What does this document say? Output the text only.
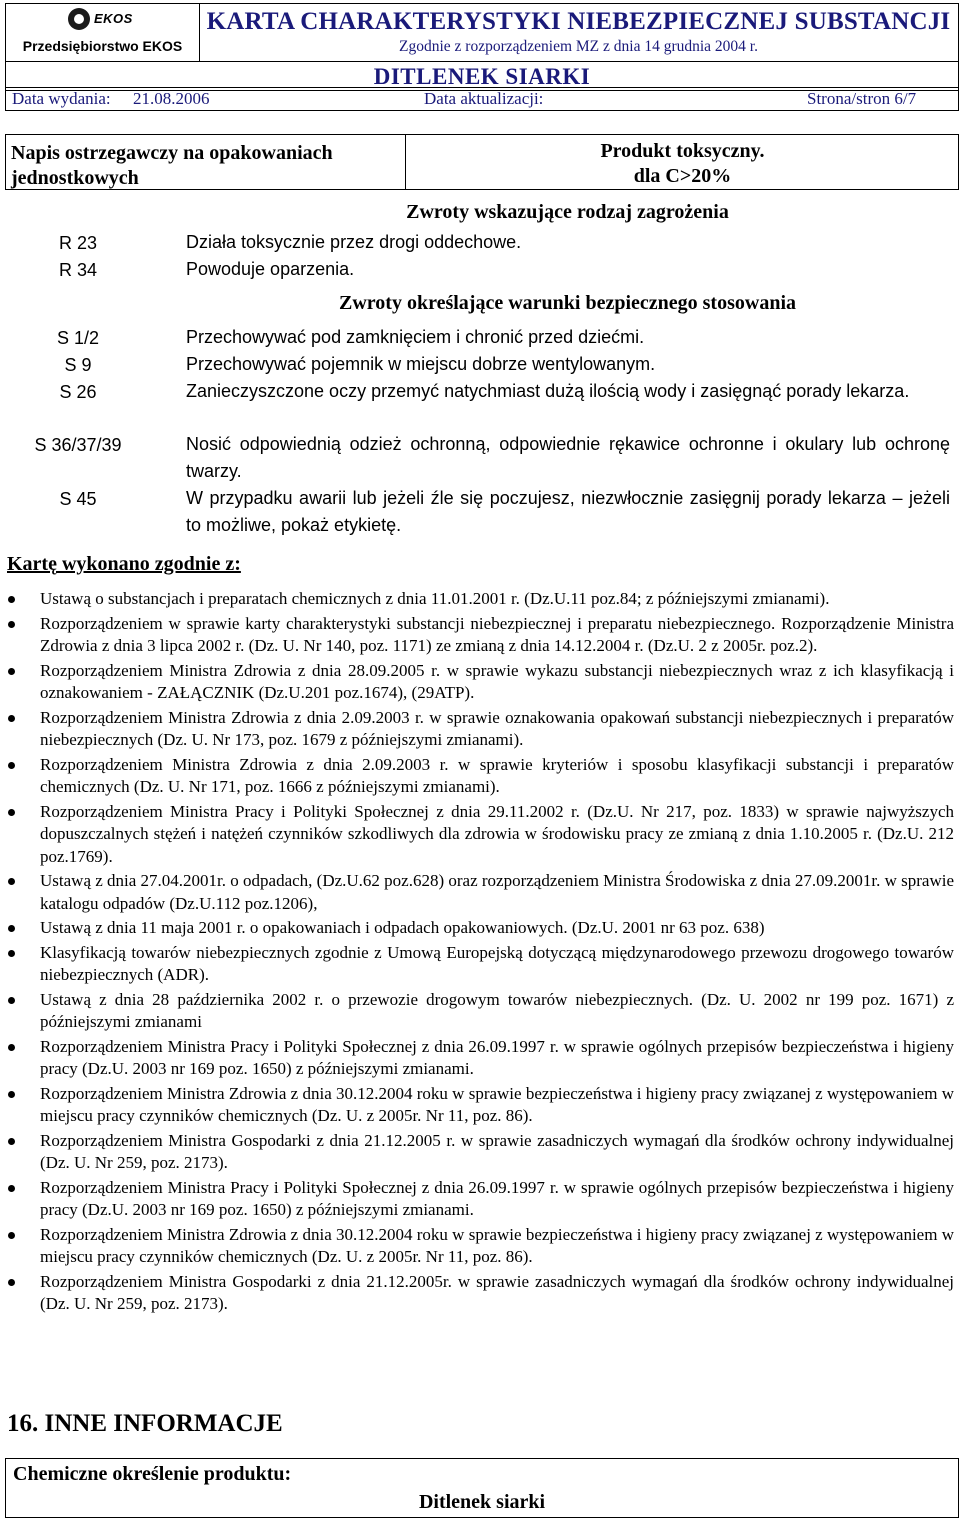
EKOS
Przedsiębiorstwo EKOS
KARTA CHARAKTERYSTYKI NIEBEZPIECZNEJ SUBSTANCJI
Zgodnie z rozporządzeniem MZ z dnia 14 grudnia 2004 r.
DITLENEK SIARKI
Data wydania: 21.08.2006	Data aktualizacji:	Strona/stron 6/7
Napis ostrzegawczy na opakowaniach jednostkowych
Produkt toksyczny.
dla C>20%
Zwroty wskazujące rodzaj zagrożenia
R 23	Działa toksycznie przez drogi oddechowe.
R 34	Powoduje oparzenia.
Zwroty określające warunki bezpiecznego stosowania
S 1/2	Przechowywać pod zamknięciem i chronić przed dziećmi.
S 9	Przechowywać pojemnik w miejscu dobrze wentylowanym.
S 26	Zanieczyszczone oczy przemyć natychmiast dużą ilością wody i zasięgnąć porady lekarza.
S 36/37/39	Nosić odpowiednią odzież ochronną, odpowiednie rękawice ochronne i okulary lub ochronę twarzy.
S 45	W przypadku awarii lub jeżeli źle się poczujesz, niezwłocznie zasięgnij porady lekarza – jeżeli to możliwe, pokaż etykietę.
Kartę wykonano zgodnie z:
Ustawą o substancjach i preparatach chemicznych z dnia 11.01.2001 r. (Dz.U.11 poz.84; z późniejszymi zmianami).
Rozporządzeniem w sprawie karty charakterystyki substancji niebezpiecznej i preparatu niebezpiecznego. Rozporządzenie Ministra Zdrowia z dnia 3 lipca 2002 r. (Dz. U. Nr 140, poz. 1171) ze zmianą z dnia 14.12.2004 r. (Dz.U. 2 z 2005r. poz.2).
Rozporządzeniem Ministra Zdrowia z dnia 28.09.2005 r. w sprawie wykazu substancji niebezpiecznych wraz z ich klasyfikacją i oznakowaniem - ZAŁĄCZNIK (Dz.U.201 poz.1674), (29ATP).
Rozporządzeniem Ministra Zdrowia z dnia 2.09.2003 r. w sprawie oznakowania opakowań substancji niebezpiecznych i preparatów niebezpiecznych (Dz. U. Nr 173, poz. 1679 z późniejszymi zmianami).
Rozporządzeniem Ministra Zdrowia z dnia 2.09.2003 r. w sprawie kryteriów i sposobu klasyfikacji substancji i preparatów chemicznych (Dz. U. Nr 171, poz. 1666 z późniejszymi zmianami).
Rozporządzeniem Ministra Pracy i Polityki Społecznej z dnia 29.11.2002 r. (Dz.U. Nr 217, poz. 1833) w sprawie najwyższych dopuszczalnych stężeń i natężeń czynników szkodliwych dla zdrowia w środowisku pracy ze zmianą z dnia 1.10.2005 r. (Dz.U. 212 poz.1769).
Ustawą z dnia 27.04.2001r. o odpadach, (Dz.U.62 poz.628) oraz rozporządzeniem Ministra Środowiska z dnia 27.09.2001r. w sprawie katalogu odpadów (Dz.U.112 poz.1206),
Ustawą z dnia 11 maja 2001 r. o opakowaniach i odpadach opakowaniowych. (Dz.U. 2001 nr 63 poz. 638)
Klasyfikacją towarów niebezpiecznych zgodnie z Umową Europejską dotyczącą międzynarodowego przewozu drogowego towarów niebezpiecznych (ADR).
Ustawą z dnia 28 października 2002 r. o przewozie drogowym towarów niebezpiecznych. (Dz. U. 2002 nr 199 poz. 1671) z późniejszymi zmianami
Rozporządzeniem Ministra Pracy i Polityki Społecznej z dnia 26.09.1997 r. w sprawie ogólnych przepisów bezpieczeństwa i higieny pracy (Dz.U. 2003 nr 169 poz. 1650) z późniejszymi zmianami.
Rozporządzeniem Ministra Zdrowia z dnia 30.12.2004 roku w sprawie bezpieczeństwa i higieny pracy związanej z występowaniem w miejscu pracy czynników chemicznych (Dz. U. z 2005r. Nr 11, poz. 86).
Rozporządzeniem Ministra Gospodarki z dnia 21.12.2005 r. w sprawie zasadniczych wymagań dla środków ochrony indywidualnej (Dz. U. Nr 259, poz. 2173).
Rozporządzeniem Ministra Pracy i Polityki Społecznej z dnia 26.09.1997 r. w sprawie ogólnych przepisów bezpieczeństwa i higieny pracy (Dz.U. 2003 nr 169 poz. 1650) z późniejszymi zmianami.
Rozporządzeniem Ministra Zdrowia z dnia 30.12.2004 roku w sprawie bezpieczeństwa i higieny pracy związanej z występowaniem w miejscu pracy czynników chemicznych (Dz. U. z 2005r. Nr 11, poz. 86).
Rozporządzeniem Ministra Gospodarki z dnia 21.12.2005r. w sprawie zasadniczych wymagań dla środków ochrony indywidualnej (Dz. U. Nr 259, poz. 2173).
16. INNE INFORMACJE
Chemiczne określenie produktu:
Ditlenek siarki
